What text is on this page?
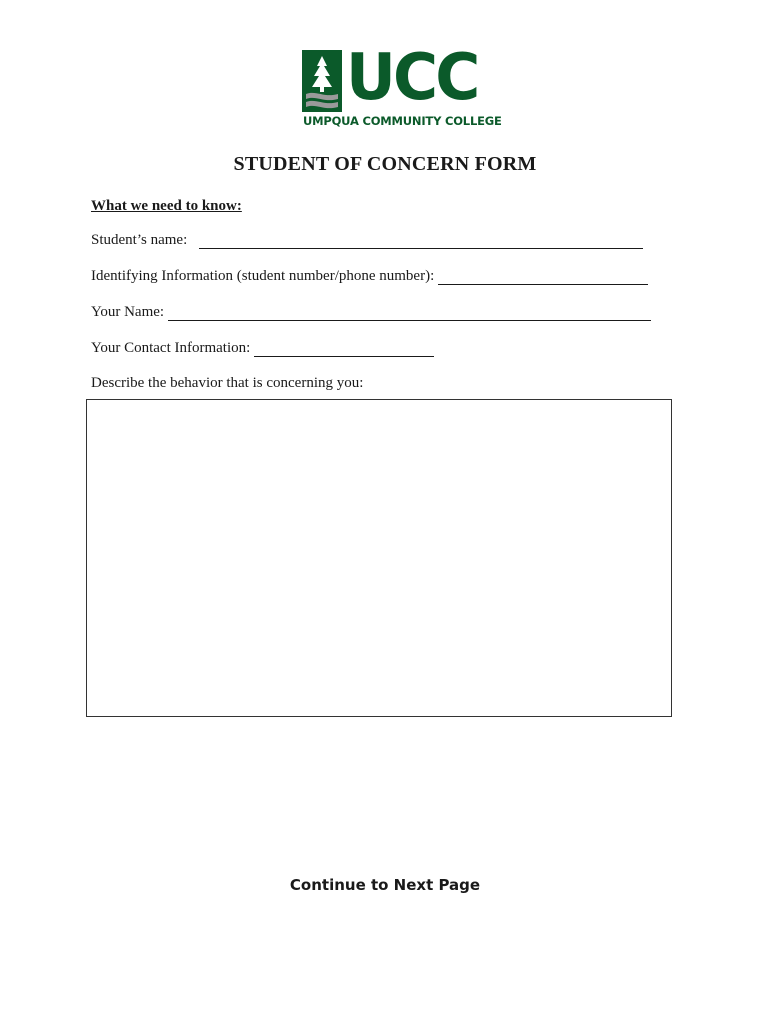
UCC
UMPQUA COMMUNITY COLLEGE
STUDENT OF CONCERN FORM
What we need to know:
Student’s name:
Identifying Information (student number/phone number):
Your Name:
Your Contact Information:
Describe the behavior that is concerning you:
Continue to Next Page
